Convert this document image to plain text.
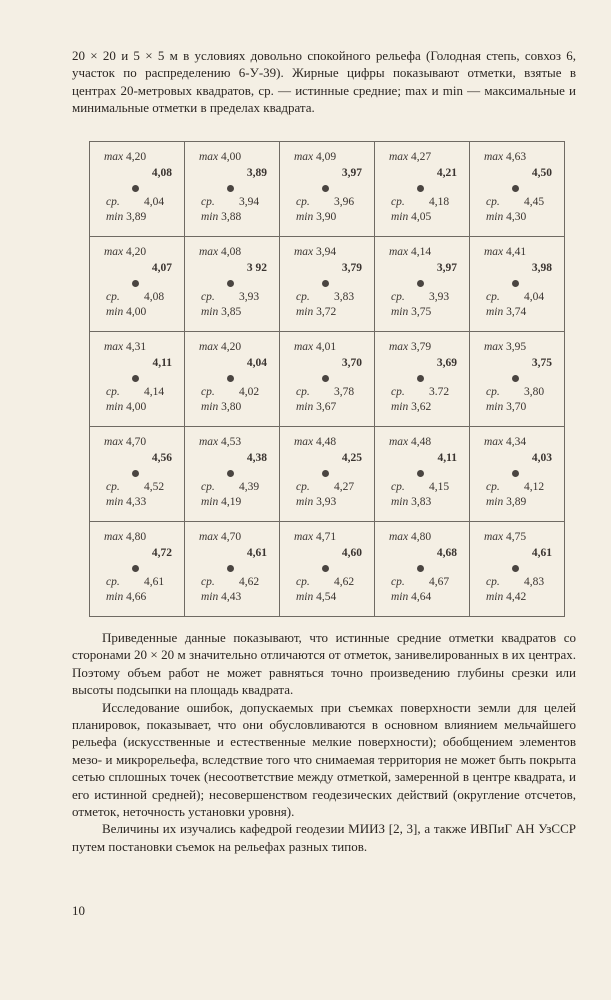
20 × 20 и 5 × 5 м в условиях довольно спокойного рельефа (Голодная степь, совхоз 6, участок по распределению 6-У-39). Жирные цифры показывают отметки, взятые в центрах 20-метровых квадратов, ср. — истинные средние; max и min — максимальные и минимальные отметки в пределах квадрата.

max 4,20
4,08
ср. 4,04
min 3,89	max 4,00
3,89
ср. 3,94
min 3,88	max 4,09
3,97
ср. 3,96
min 3,90	max 4,27
4,21
ср. 4,18
min 4,05	max 4,63
4,50
ср. 4,45
min 4,30

max 4,20
4,07
ср. 4,08
min 4,00	max 4,08
3 92
ср. 3,93
min 3,85	max 3,94
3,79
ср. 3,83
min 3,72	max 4,14
3,97
ср. 3,93
min 3,75	max 4,41
3,98
ср. 4,04
min 3,74

max 4,31
4,11
ср. 4,14
min 4,00	max 4,20
4,04
ср. 4,02
min 3,80	max 4,01
3,70
ср. 3,78
min 3,67	max 3,79
3,69
ср. 3.72
min 3,62	max 3,95
3,75
ср. 3,80
min 3,70

max 4,70
4,56
ср. 4,52
min 4,33	max 4,53
4,38
ср. 4,39
min 4,19	max 4,48
4,25
ср. 4,27
min 3,93	max 4,48
4,11
ср. 4,15
min 3,83	max 4,34
4,03
ср. 4,12
min 3,89

max 4,80
4,72
ср. 4,61
min 4,66	max 4,70
4,61
ср. 4,62
min 4,43	max 4,71
4,60
ср. 4,62
min 4,54	max 4,80
4,68
ср. 4,67
min 4,64	max 4,75
4,61
ср. 4,83
min 4,42

Приведенные данные показывают, что истинные средние отметки квадратов со сторонами 20 × 20 м значительно отличаются от отметок, занивелированных в их центрах. Поэтому объем работ не может равняться точно произведению глубины срезки или высоты подсыпки на площадь квадрата.

Исследование ошибок, допускаемых при съемках поверхности земли для целей планировок, показывает, что они обусловливаются в основном влиянием мельчайшего рельефа (искусственные и естественные мелкие поверхности); обобщением элементов мезо- и микрорельефа, вследствие того что снимаемая территория не может быть покрыта сетью сплошных точек (несоответствие между отметкой, замеренной в центре квадрата, и его истинной средней); несовершенством геодезических действий (округление отсчетов, отметок, неточность установки уровня).

Величины их изучались кафедрой геодезии МИИЗ [2, 3], а также ИВПиГ АН УзССР путем постановки съемок на рельефах разных типов.

10
